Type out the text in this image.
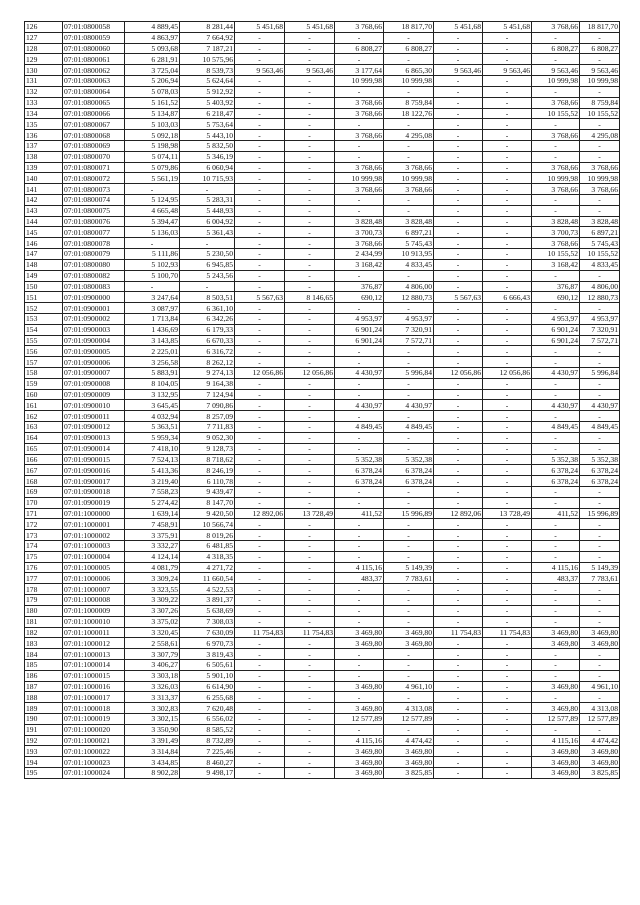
126	07:01:0800058	4 889,45	8 281,44	5 451,68	5 451,68	3 768,66	18 817,70	5 451,68	5 451,68	3 768,66	18 817,70
127	07:01:0800059	4 863,97	7 664,92	-	-	-	-	-	-	-	-
128	07:01:0800060	5 093,68	7 187,21	-	-	6 808,27	6 808,27	-	-	6 808,27	6 808,27
129	07:01:0800061	6 281,91	10 575,96	-	-	-	-	-	-	-	-
130	07:01:0800062	3 725,04	8 539,73	9 563,46	9 563,46	3 177,64	6 865,30	9 563,46	9 563,46	9 563,46	9 563,46
131	07:01:0800063	5 206,94	5 624,64	-	-	10 999,98	10 999,98	-	-	10 999,98	10 999,98
132	07:01:0800064	5 078,03	5 912,92	-	-	-	-	-	-	-	-
133	07:01:0800065	5 161,52	5 403,92	-	-	3 768,66	8 759,84	-	-	3 768,66	8 759,84
134	07:01:0800066	5 134,87	6 218,47	-	-	3 768,66	18 122,76	-	-	10 155,52	10 155,52
135	07:01:0800067	5 103,03	5 753,64	-	-	-	-	-	-	-	-
136	07:01:0800068	5 092,18	5 443,10	-	-	3 768,66	4 295,08	-	-	3 768,66	4 295,08
137	07:01:0800069	5 198,98	5 832,50	-	-	-	-	-	-	-	-
138	07:01:0800070	5 074,11	5 346,19	-	-	-	-	-	-	-	-
139	07:01:0800071	5 079,86	6 060,94	-	-	3 768,66	3 768,66	-	-	3 768,66	3 768,66
140	07:01:0800072	5 561,19	10 715,93	-	-	10 999,98	10 999,98	-	-	10 999,98	10 999,98
141	07:01:0800073	-	-	-	-	3 768,66	3 768,66	-	-	3 768,66	3 768,66
142	07:01:0800074	5 124,95	5 283,31	-	-	-	-	-	-	-	-
143	07:01:0800075	4 665,48	5 448,93	-	-	-	-	-	-	-	-
144	07:01:0800076	5 394,47	6 004,92	-	-	3 828,48	3 828,48	-	-	3 828,48	3 828,48
145	07:01:0800077	5 136,03	5 361,43	-	-	3 700,73	6 897,21	-	-	3 700,73	6 897,21
146	07:01:0800078	-	-	-	-	3 768,66	5 745,43	-	-	3 768,66	5 745,43
147	07:01:0800079	5 111,86	5 230,50	-	-	2 434,99	10 913,95	-	-	10 155,52	10 155,52
148	07:01:0800080	5 102,93	6 945,85	-	-	3 168,42	4 833,45	-	-	3 168,42	4 833,45
149	07:01:0800082	5 100,70	5 243,56	-	-	-	-	-	-	-	-
150	07:01:0800083	-	-	-	-	376,87	4 806,00	-	-	376,87	4 806,00
151	07:01:0900000	3 247,64	8 503,51	5 567,63	8 146,65	690,12	12 880,73	5 567,63	6 666,43	690,12	12 880,73
152	07:01:0900001	3 087,97	6 361,10	-	-	-	-	-	-	-	-
153	07:01:0900002	1 713,84	6 342,26	-	-	4 953,97	4 953,97	-	-	4 953,97	4 953,97
154	07:01:0900003	1 436,69	6 179,33	-	-	6 901,24	7 320,91	-	-	6 901,24	7 320,91
155	07:01:0900004	3 143,85	6 670,33	-	-	6 901,24	7 572,71	-	-	6 901,24	7 572,71
156	07:01:0900005	2 225,01	6 316,72	-	-	-	-	-	-	-	-
157	07:01:0900006	3 256,58	8 262,12	-	-	-	-	-	-	-	-
158	07:01:0900007	5 883,91	9 274,13	12 056,86	12 056,86	4 430,97	5 996,84	12 056,86	12 056,86	4 430,97	5 996,84
159	07:01:0900008	8 104,05	9 164,38	-	-	-	-	-	-	-	-
160	07:01:0900009	3 132,95	7 124,94	-	-	-	-	-	-	-	-
161	07:01:0900010	3 645,45	7 090,86	-	-	4 430,97	4 430,97	-	-	4 430,97	4 430,97
162	07:01:0900011	4 032,94	8 257,09	-	-	-	-	-	-	-	-
163	07:01:0900012	5 363,51	7 711,83	-	-	4 849,45	4 849,45	-	-	4 849,45	4 849,45
164	07:01:0900013	5 959,34	9 052,30	-	-	-	-	-	-	-	-
165	07:01:0900014	7 418,10	9 128,73	-	-	-	-	-	-	-	-
166	07:01:0900015	7 524,13	8 718,62	-	-	5 352,38	5 352,38	-	-	5 352,38	5 352,38
167	07:01:0900016	5 413,36	8 246,19	-	-	6 378,24	6 378,24	-	-	6 378,24	6 378,24
168	07:01:0900017	3 219,40	6 110,78	-	-	6 378,24	6 378,24	-	-	6 378,24	6 378,24
169	07:01:0900018	7 558,23	9 439,47	-	-	-	-	-	-	-	-
170	07:01:0900019	5 274,42	8 147,70	-	-	-	-	-	-	-	-
171	07:01:1000000	1 639,14	9 420,50	12 892,06	13 728,49	411,52	15 996,89	12 892,06	13 728,49	411,52	15 996,89
172	07:01:1000001	7 458,91	10 566,74	-	-	-	-	-	-	-	-
173	07:01:1000002	3 375,91	8 019,26	-	-	-	-	-	-	-	-
174	07:01:1000003	3 332,27	6 481,85	-	-	-	-	-	-	-	-
175	07:01:1000004	4 124,14	4 318,35	-	-	-	-	-	-	-	-
176	07:01:1000005	4 081,79	4 271,72	-	-	4 115,16	5 149,39	-	-	4 115,16	5 149,39
177	07:01:1000006	3 309,24	11 660,54	-	-	483,37	7 783,61	-	-	483,37	7 783,61
178	07:01:1000007	3 323,55	4 522,53	-	-	-	-	-	-	-	-
179	07:01:1000008	3 309,22	3 891,37	-	-	-	-	-	-	-	-
180	07:01:1000009	3 307,26	5 638,69	-	-	-	-	-	-	-	-
181	07:01:1000010	3 375,02	7 308,03	-	-	-	-	-	-	-	-
182	07:01:1000011	3 320,45	7 630,09	11 754,83	11 754,83	3 469,80	3 469,80	11 754,83	11 754,83	3 469,80	3 469,80
183	07:01:1000012	2 558,61	6 970,73	-	-	3 469,80	3 469,80	-	-	3 469,80	3 469,80
184	07:01:1000013	3 307,79	3 819,43	-	-	-	-	-	-	-	-
185	07:01:1000014	3 406,27	6 505,61	-	-	-	-	-	-	-	-
186	07:01:1000015	3 303,18	5 901,10	-	-	-	-	-	-	-	-
187	07:01:1000016	3 326,03	6 614,90	-	-	3 469,80	4 961,10	-	-	3 469,80	4 961,10
188	07:01:1000017	3 313,37	6 255,68	-	-	-	-	-	-	-	-
189	07:01:1000018	3 302,83	7 620,48	-	-	3 469,80	4 313,08	-	-	3 469,80	4 313,08
190	07:01:1000019	3 302,15	6 556,02	-	-	12 577,89	12 577,89	-	-	12 577,89	12 577,89
191	07:01:1000020	3 350,90	8 585,52	-	-	-	-	-	-	-	-
192	07:01:1000021	3 391,49	8 732,89	-	-	4 115,16	4 474,42	-	-	4 115,16	4 474,42
193	07:01:1000022	3 314,84	7 225,46	-	-	3 469,80	3 469,80	-	-	3 469,80	3 469,80
194	07:01:1000023	3 434,85	8 460,27	-	-	3 469,80	3 469,80	-	-	3 469,80	3 469,80
195	07:01:1000024	8 902,28	9 498,17	-	-	3 469,80	3 825,85	-	-	3 469,80	3 825,85
